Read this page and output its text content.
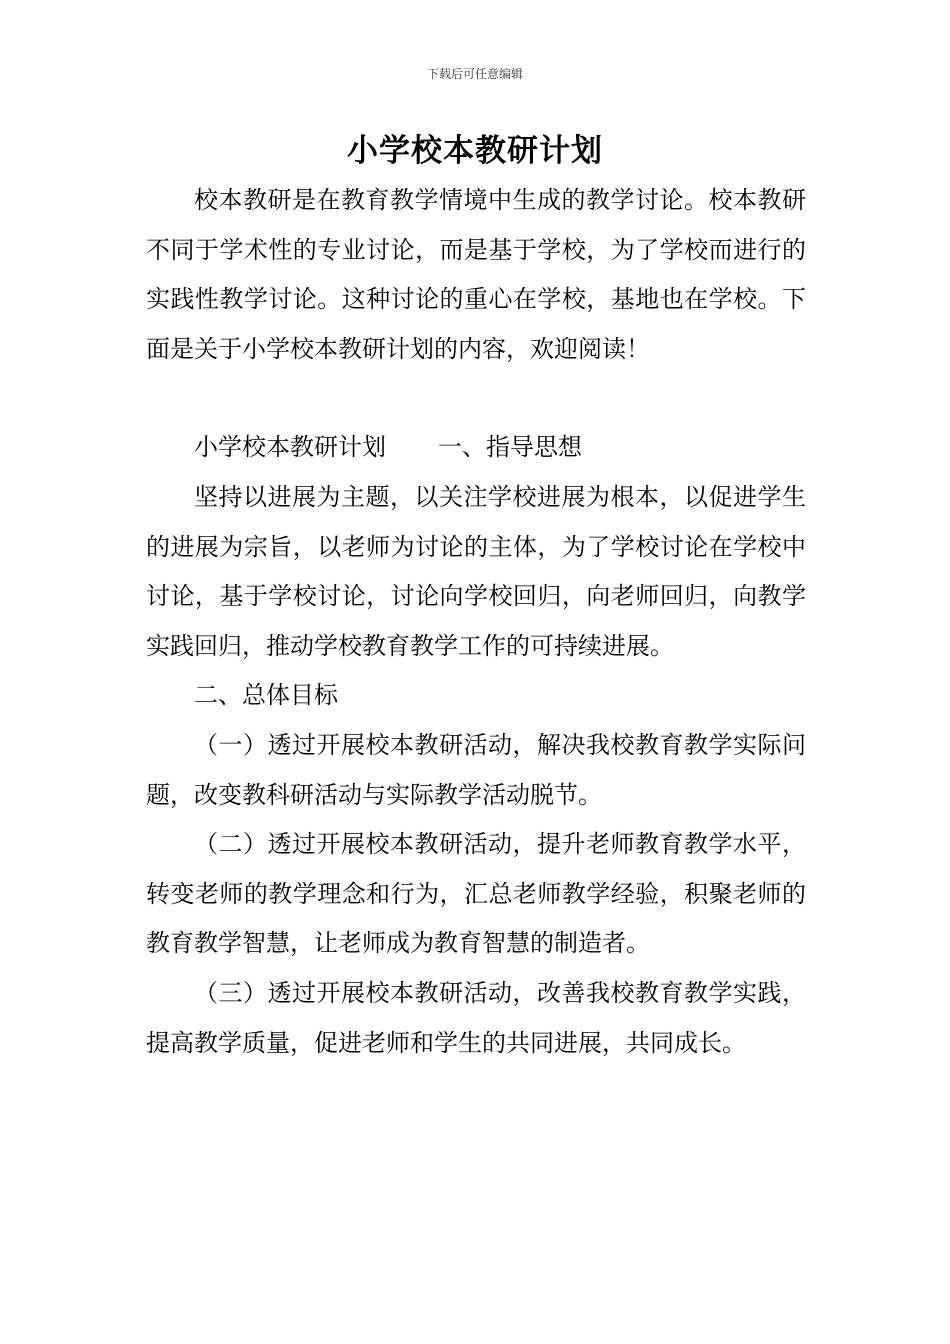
下载后可任意编辑
小学校本教研计划

校本教研是在教育教学情境中生成的教学讨论。校本教研不同于学术性的专业讨论，而是基于学校，为了学校而进行的实践性教学讨论。这种讨论的重心在学校，基地也在学校。下面是关于小学校本教研计划的内容，欢迎阅读！

小学校本教研计划 一、指导思想

坚持以进展为主题，以关注学校进展为根本，以促进学生的进展为宗旨，以老师为讨论的主体，为了学校讨论在学校中讨论，基于学校讨论，讨论向学校回归，向老师回归，向教学实践回归，推动学校教育教学工作的可持续进展。

二、总体目标

（一）透过开展校本教研活动，解决我校教育教学实际问题，改变教科研活动与实际教学活动脱节。

（二）透过开展校本教研活动，提升老师教育教学水平，转变老师的教学理念和行为，汇总老师教学经验，积聚老师的教育教学智慧，让老师成为教育智慧的制造者。

（三）透过开展校本教研活动，改善我校教育教学实践，提高教学质量，促进老师和学生的共同进展，共同成长。
